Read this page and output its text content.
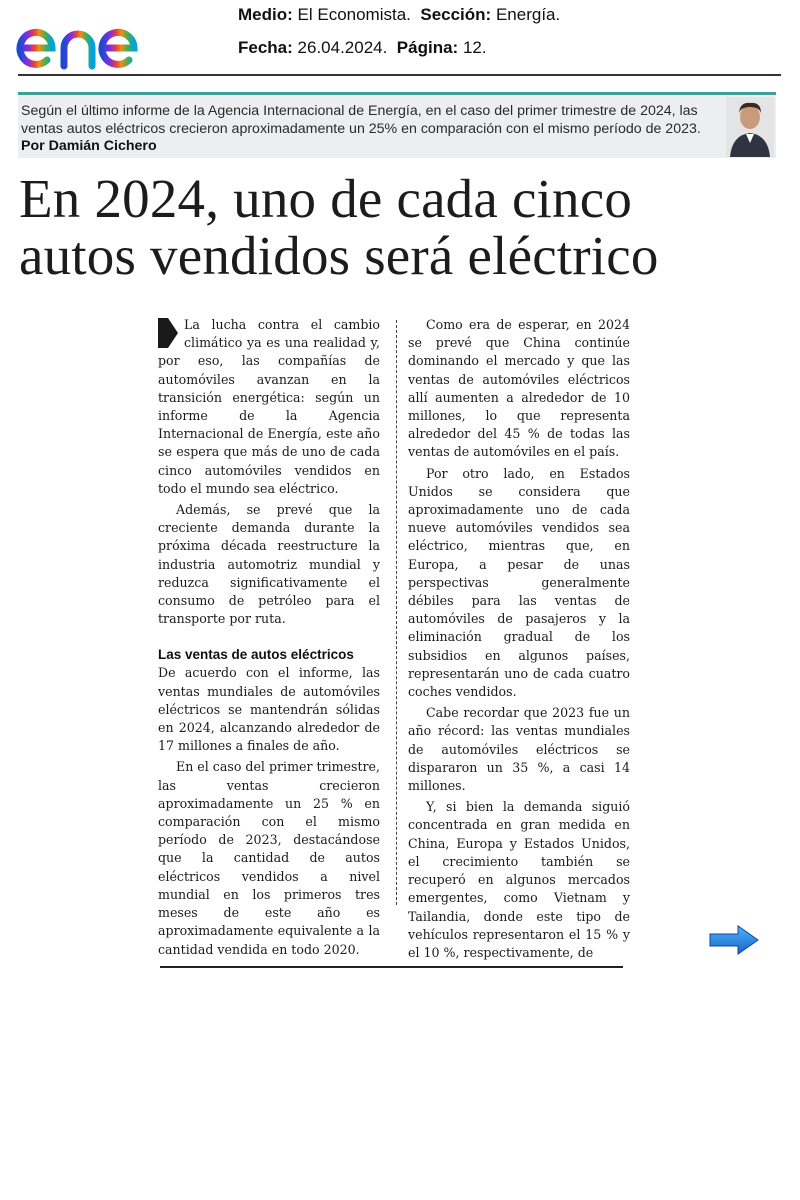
Medio: El Economista. Sección: Energía.
Fecha: 26.04.2024. Página: 12.
Según el último informe de la Agencia Internacional de Energía, en el caso del primer trimestre de 2024, las ventas autos eléctricos crecieron aproximadamente un 25% en comparación con el mismo período de 2023. Por Damián Cichero
En 2024, uno de cada cinco
autos vendidos será eléctrico

La lucha contra el cambio climático ya es una realidad y, por eso, las compañías de automóviles avanzan en la transición energética: según un informe de la Agencia Internacional de Energía, este año se espera que más de uno de cada cinco automóviles vendidos en todo el mundo sea eléctrico.

Además, se prevé que la creciente demanda durante la próxima década reestructure la industria automotriz mundial y reduzca significativamente el consumo de petróleo para el transporte por ruta.

Las ventas de autos eléctricos

De acuerdo con el informe, las ventas mundiales de automóviles eléctricos se mantendrán sólidas en 2024, alcanzando alrededor de 17 millones a finales de año.

En el caso del primer trimestre, las ventas crecieron aproximadamente un 25 % en comparación con el mismo período de 2023, destacándose que la cantidad de autos eléctricos vendidos a nivel mundial en los primeros tres meses de este año es aproximadamente equivalente a la cantidad vendida en todo 2020.

Como era de esperar, en 2024 se prevé que China continúe dominando el mercado y que las ventas de automóviles eléctricos allí aumenten a alrededor de 10 millones, lo que representa alrededor del 45 % de todas las ventas de automóviles en el país.

Por otro lado, en Estados Unidos se considera que aproximadamente uno de cada nueve automóviles vendidos sea eléctrico, mientras que, en Europa, a pesar de unas perspectivas generalmente débiles para las ventas de automóviles de pasajeros y la eliminación gradual de los subsidios en algunos países, representarán uno de cada cuatro coches vendidos.

Cabe recordar que 2023 fue un año récord: las ventas mundiales de automóviles eléctricos se dispararon un 35 %, a casi 14 millones.

Y, si bien la demanda siguió concentrada en gran medida en China, Europa y Estados Unidos, el crecimiento también se recuperó en algunos mercados emergentes, como Vietnam y Tailandia, donde este tipo de vehículos representaron el 15 % y el 10 %, respectivamente, de
